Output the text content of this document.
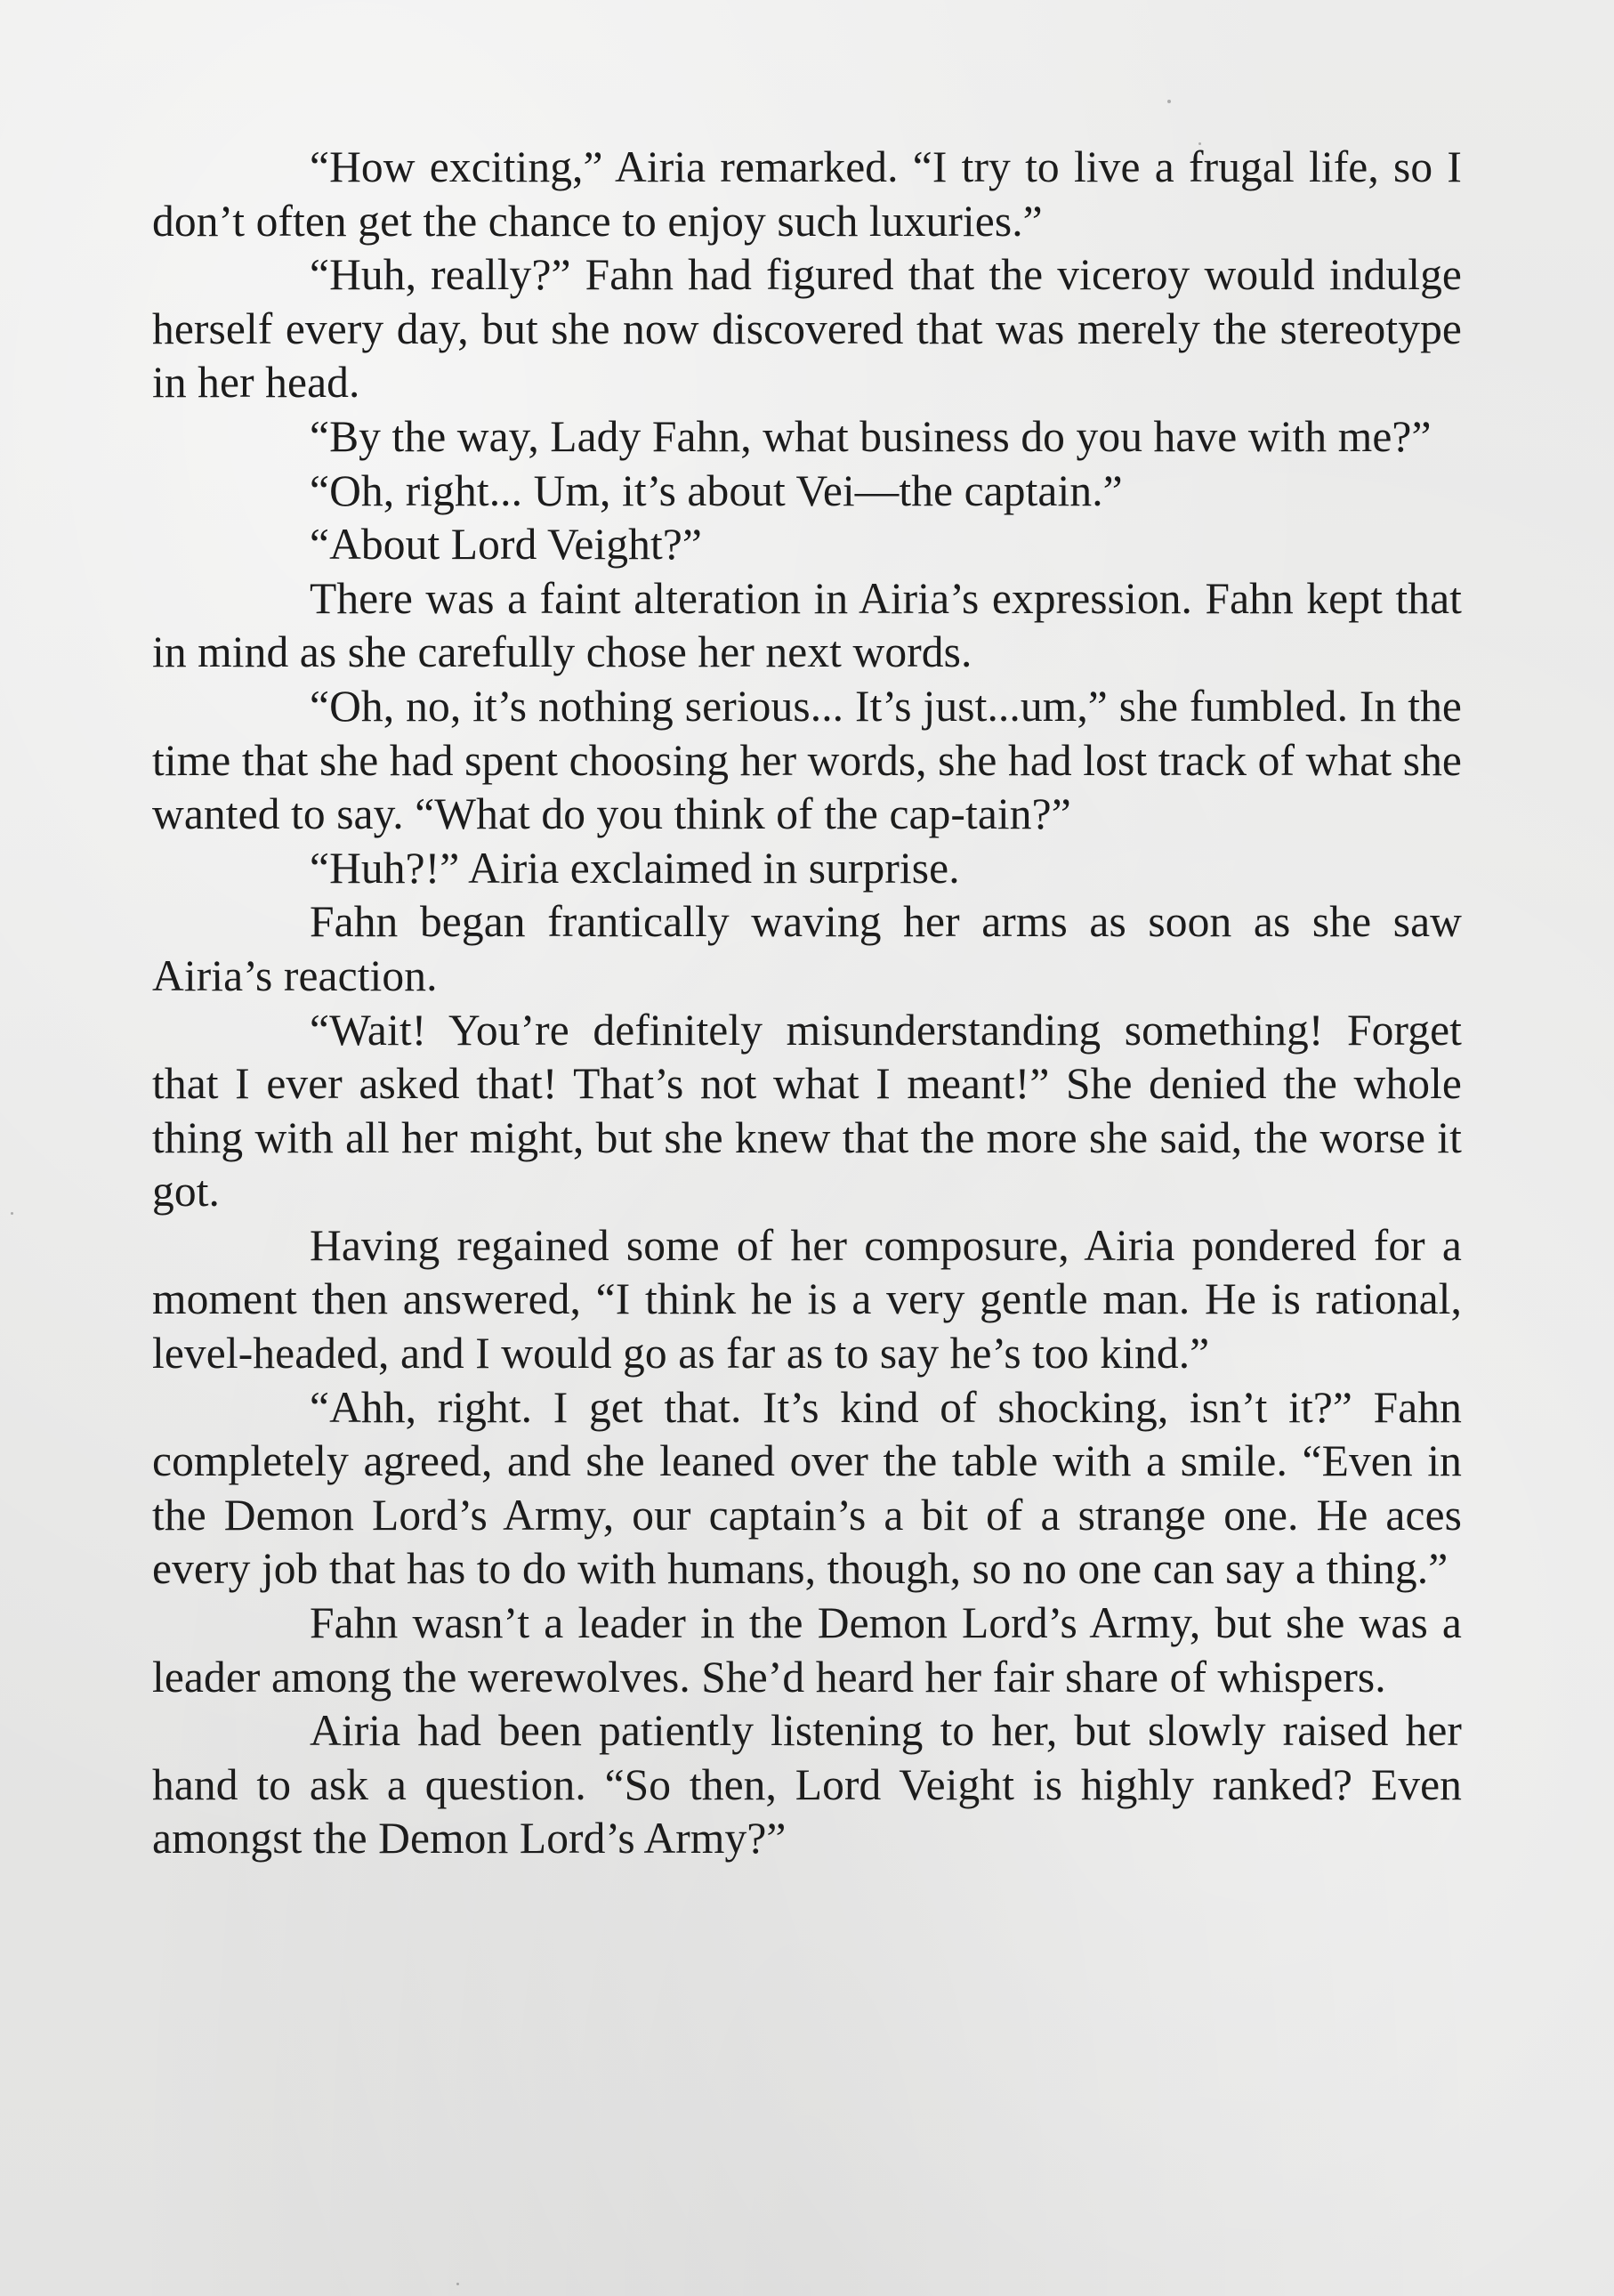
“How exciting,” Airia remarked. “I try to live a frugal life, so I don’t often get the chance to enjoy such luxuries.”

“Huh, really?” Fahn had figured that the viceroy would indulge herself every day, but she now discovered that was merely the stereotype in her head.

“By the way, Lady Fahn, what business do you have with me?”

“Oh, right... Um, it’s about Vei—the captain.”

“About Lord Veight?”

There was a faint alteration in Airia’s expression. Fahn kept that in mind as she carefully chose her next words.

“Oh, no, it’s nothing serious... It’s just...um,” she fumbled. In the time that she had spent choosing her words, she had lost track of what she wanted to say. “What do you think of the cap-tain?”

“Huh?!” Airia exclaimed in surprise.

Fahn began frantically waving her arms as soon as she saw Airia’s reaction.

“Wait! You’re definitely misunderstanding something! Forget that I ever asked that! That’s not what I meant!” She denied the whole thing with all her might, but she knew that the more she said, the worse it got.

Having regained some of her composure, Airia pondered for a moment then answered, “I think he is a very gentle man. He is rational, level-headed, and I would go as far as to say he’s too kind.”

“Ahh, right. I get that. It’s kind of shocking, isn’t it?” Fahn completely agreed, and she leaned over the table with a smile. “Even in the Demon Lord’s Army, our captain’s a bit of a strange one. He aces every job that has to do with humans, though, so no one can say a thing.”

Fahn wasn’t a leader in the Demon Lord’s Army, but she was a leader among the werewolves. She’d heard her fair share of whispers.

Airia had been patiently listening to her, but slowly raised her hand to ask a question. “So then, Lord Veight is highly ranked? Even amongst the Demon Lord’s Army?”
